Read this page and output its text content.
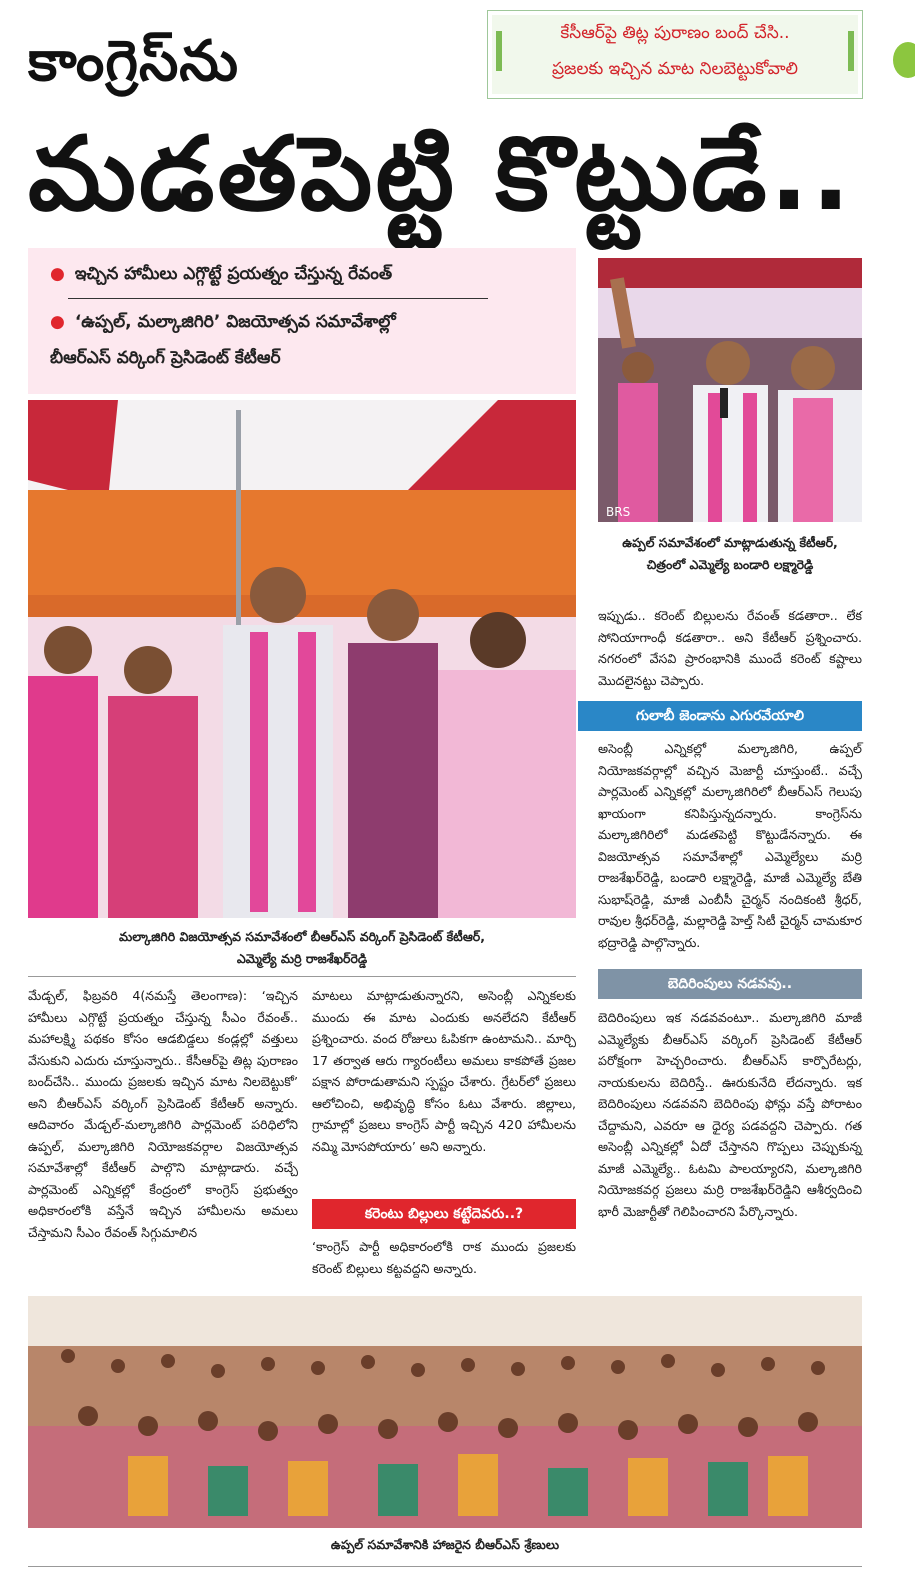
కాంగ్రెస్‌ను
మడతపెట్టి కొట్టుడే..
కేసీఆర్‌పై తిట్ల పురాణం బంద్ చేసి..
ప్రజలకు ఇచ్చిన మాట నిలబెట్టుకోవాలి
● ఇచ్చిన హామీలు ఎగ్గొట్టే ప్రయత్నం చేస్తున్న రేవంత్
● ‘ఉప్పల్, మల్కాజిగిరి’ విజయోత్సవ సమావేశాల్లో
బీఆర్ఎస్ వర్కింగ్ ప్రెసిడెంట్ కేటీఆర్
BRS
ఉప్పల్ సమావేశంలో మాట్లాడుతున్న కేటీఆర్,
చిత్రంలో ఎమ్మెల్యే బండారి లక్ష్మారెడ్డి
మల్కాజిగిరి విజయోత్సవ సమావేశంలో బీఆర్ఎస్ వర్కింగ్ ప్రెసిడెంట్ కేటీఆర్,
ఎమ్మెల్యే మర్రి రాజశేఖర్‌రెడ్డి

ఇప్పుడు.. కరెంట్ బిల్లులను రేవంత్ కడతారా.. లేక సోనియాగాంధీ కడతారా.. అని కేటీఆర్ ప్రశ్నించారు. నగరంలో వేసవి ప్రారంభానికి ముందే కరెంట్ కష్టాలు మొదలైనట్టు చెప్పారు.

గులాబీ జెండాను ఎగురవేయాలి

అసెంబ్లీ ఎన్నికల్లో మల్కాజిగిరి, ఉప్పల్ నియోజకవర్గాల్లో వచ్చిన మెజార్టీ చూస్తుంటే.. వచ్చే పార్లమెంట్ ఎన్నికల్లో మల్కాజిగిరిలో బీఆర్ఎస్ గెలుపు ఖాయంగా కనిపిస్తున్నదన్నారు. కాంగ్రెస్‌ను మల్కాజిగిరిలో మడతపెట్టి కొట్టుడేనన్నారు. ఈ విజయోత్సవ సమావేశాల్లో ఎమ్మెల్యేలు మర్రి రాజశేఖర్‌రెడ్డి, బండారి లక్ష్మారెడ్డి, మాజీ ఎమ్మెల్యే బేతి సుభాష్‌రెడ్డి, మాజీ ఎంబీసీ చైర్మన్ నందికంటి శ్రీధర్, రావుల శ్రీధర్‌రెడ్డి, మల్లారెడ్డి హెల్త్ సిటీ చైర్మన్ చామకూర భద్రారెడ్డి పాల్గొన్నారు.

బెదిరింపులు నడవవు..

బెదిరింపులు ఇక నడవవంటూ.. మల్కాజిగిరి మాజీ ఎమ్మెల్యేకు బీఆర్ఎస్ వర్కింగ్ ప్రెసిడెంట్ కేటీఆర్ పరోక్షంగా హెచ్చరించారు. బీఆర్ఎస్ కార్పొరేటర్లు, నాయకులను బెదిరిస్తే.. ఊరుకునేది లేదన్నారు. ఇక బెదిరింపులు నడవవని బెదిరింపు ఫోన్లు వస్తే పోరాటం చేద్దామని, ఎవరూ ఆ ధైర్య పడవద్దని చెప్పారు. గత అసెంబ్లీ ఎన్నికల్లో ఏదో చేస్తానని గొప్పలు చెప్పుకున్న మాజీ ఎమ్మెల్యే.. ఓటమి పాలయ్యారని, మల్కాజిగిరి నియోజకవర్గ ప్రజలు మర్రి రాజశేఖర్‌రెడ్డిని ఆశీర్వదించి భారీ మెజార్టీతో గెలిపించారని పేర్కొన్నారు.

మేడ్చల్, ఫిబ్రవరి 4(నమస్తే తెలంగాణ): ‘ఇచ్చిన హామీలు ఎగ్గొట్టే ప్రయత్నం చేస్తున్న సీఎం రేవంత్.. మహాలక్ష్మి పథకం కోసం ఆడబిడ్డలు కండ్లల్లో వత్తులు వేసుకుని ఎదురు చూస్తున్నారు.. కేసీఆర్‌పై తిట్ల పురాణం బంద్‌చేసి.. ముందు ప్రజలకు ఇచ్చిన మాట నిలబెట్టుకో’ అని బీఆర్ఎస్ వర్కింగ్ ప్రెసిడెంట్ కేటీఆర్ అన్నారు. ఆదివారం మేడ్చల్-మల్కాజిగిరి పార్లమెంట్ పరిధిలోని ఉప్పల్, మల్కాజిగిరి నియోజకవర్గాల విజయోత్సవ సమావేశాల్లో కేటీఆర్ పాల్గొని మాట్లాడారు. వచ్చే పార్లమెంట్ ఎన్నికల్లో కేంద్రంలో కాంగ్రెస్ ప్రభుత్వం అధికారంలోకి వస్తేనే ఇచ్చిన హామీలను అమలు చేస్తామని సీఎం రేవంత్ సిగ్గుమాలిన

మాటలు మాట్లాడుతున్నారని, అసెంబ్లీ ఎన్నికలకు ముందు ఈ మాట ఎందుకు అనలేదని కేటీఆర్ ప్రశ్నించారు. వంద రోజులు ఓపికగా ఉంటామని.. మార్చి 17 తర్వాత ఆరు గ్యారంటీలు అమలు కాకపోతే ప్రజల పక్షాన పోరాడుతామని స్పష్టం చేశారు. గ్రేటర్‌లో ప్రజలు ఆలోచించి, అభివృద్ధి కోసం ఓటు వేశారు. జిల్లాలు, గ్రామాల్లో ప్రజలు కాంగ్రెస్ పార్టీ ఇచ్చిన 420 హామీలను నమ్మి మోసపోయారు’ అని అన్నారు.

కరెంటు బిల్లులు కట్టేదెవరు..?

‘కాంగ్రెస్ పార్టీ అధికారంలోకి రాక ముందు ప్రజలకు కరెంట్ బిల్లులు కట్టవద్దని అన్నారు.

ఉప్పల్ సమావేశానికి హాజరైన బీఆర్ఎస్ శ్రేణులు
